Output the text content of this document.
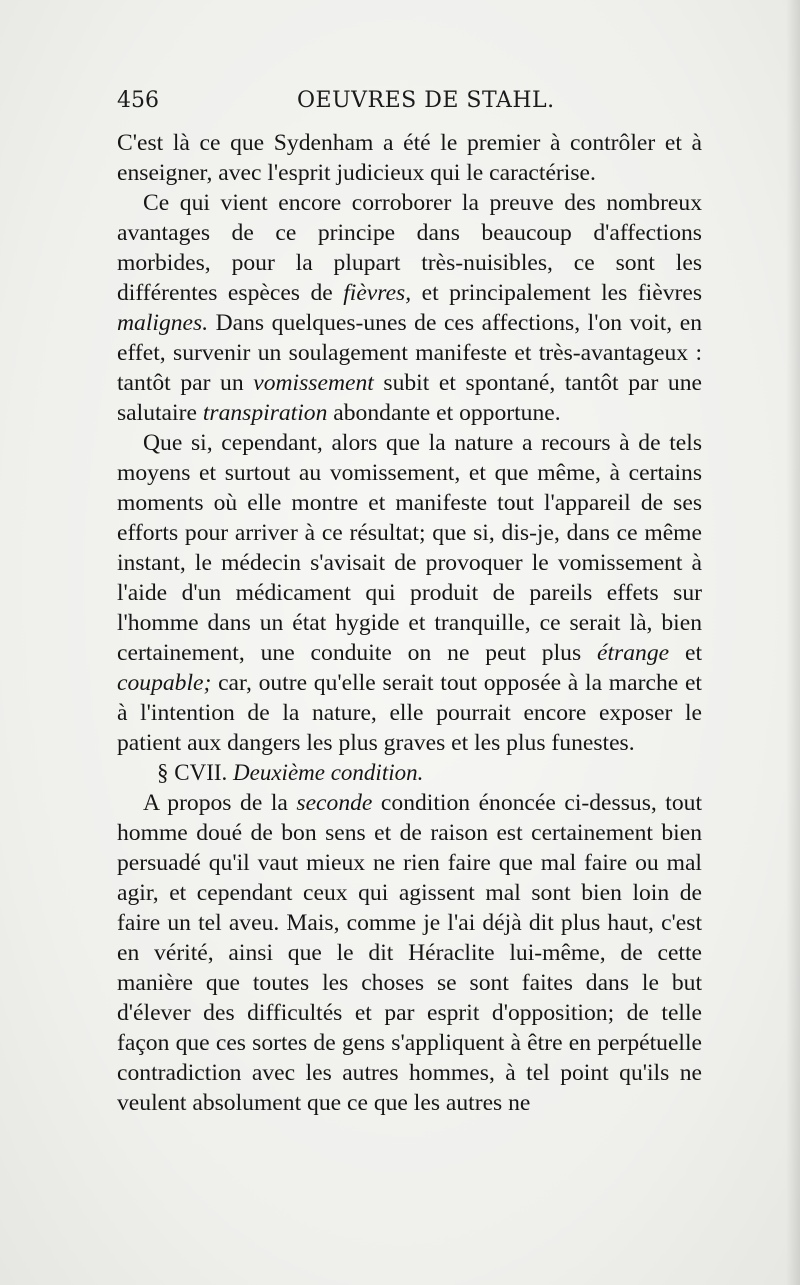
456	OEUVRES DE STAHL.

C'est là ce que Sydenham a été le premier à contrôler et à enseigner, avec l'esprit judicieux qui le caractérise.

Ce qui vient encore corroborer la preuve des nombreux avantages de ce principe dans beaucoup d'affections morbides, pour la plupart très-nuisibles, ce sont les différentes espèces de fièvres, et principalement les fièvres malignes. Dans quelques-unes de ces affections, l'on voit, en effet, survenir un soulagement manifeste et très-avantageux : tantôt par un vomissement subit et spontané, tantôt par une salutaire transpiration abondante et opportune.

Que si, cependant, alors que la nature a recours à de tels moyens et surtout au vomissement, et que même, à certains moments où elle montre et manifeste tout l'appareil de ses efforts pour arriver à ce résultat; que si, dis-je, dans ce même instant, le médecin s'avisait de provoquer le vomissement à l'aide d'un médicament qui produit de pareils effets sur l'homme dans un état hygide et tranquille, ce serait là, bien certainement, une conduite on ne peut plus étrange et coupable; car, outre qu'elle serait tout opposée à la marche et à l'intention de la nature, elle pourrait encore exposer le patient aux dangers les plus graves et les plus funestes.

§ CVII. Deuxième condition.

A propos de la seconde condition énoncée ci-dessus, tout homme doué de bon sens et de raison est certainement bien persuadé qu'il vaut mieux ne rien faire que mal faire ou mal agir, et cependant ceux qui agissent mal sont bien loin de faire un tel aveu. Mais, comme je l'ai déjà dit plus haut, c'est en vérité, ainsi que le dit Héraclite lui-même, de cette manière que toutes les choses se sont faites dans le but d'élever des difficultés et par esprit d'opposition; de telle façon que ces sortes de gens s'appliquent à être en perpétuelle contradiction avec les autres hommes, à tel point qu'ils ne veulent absolument que ce que les autres ne
